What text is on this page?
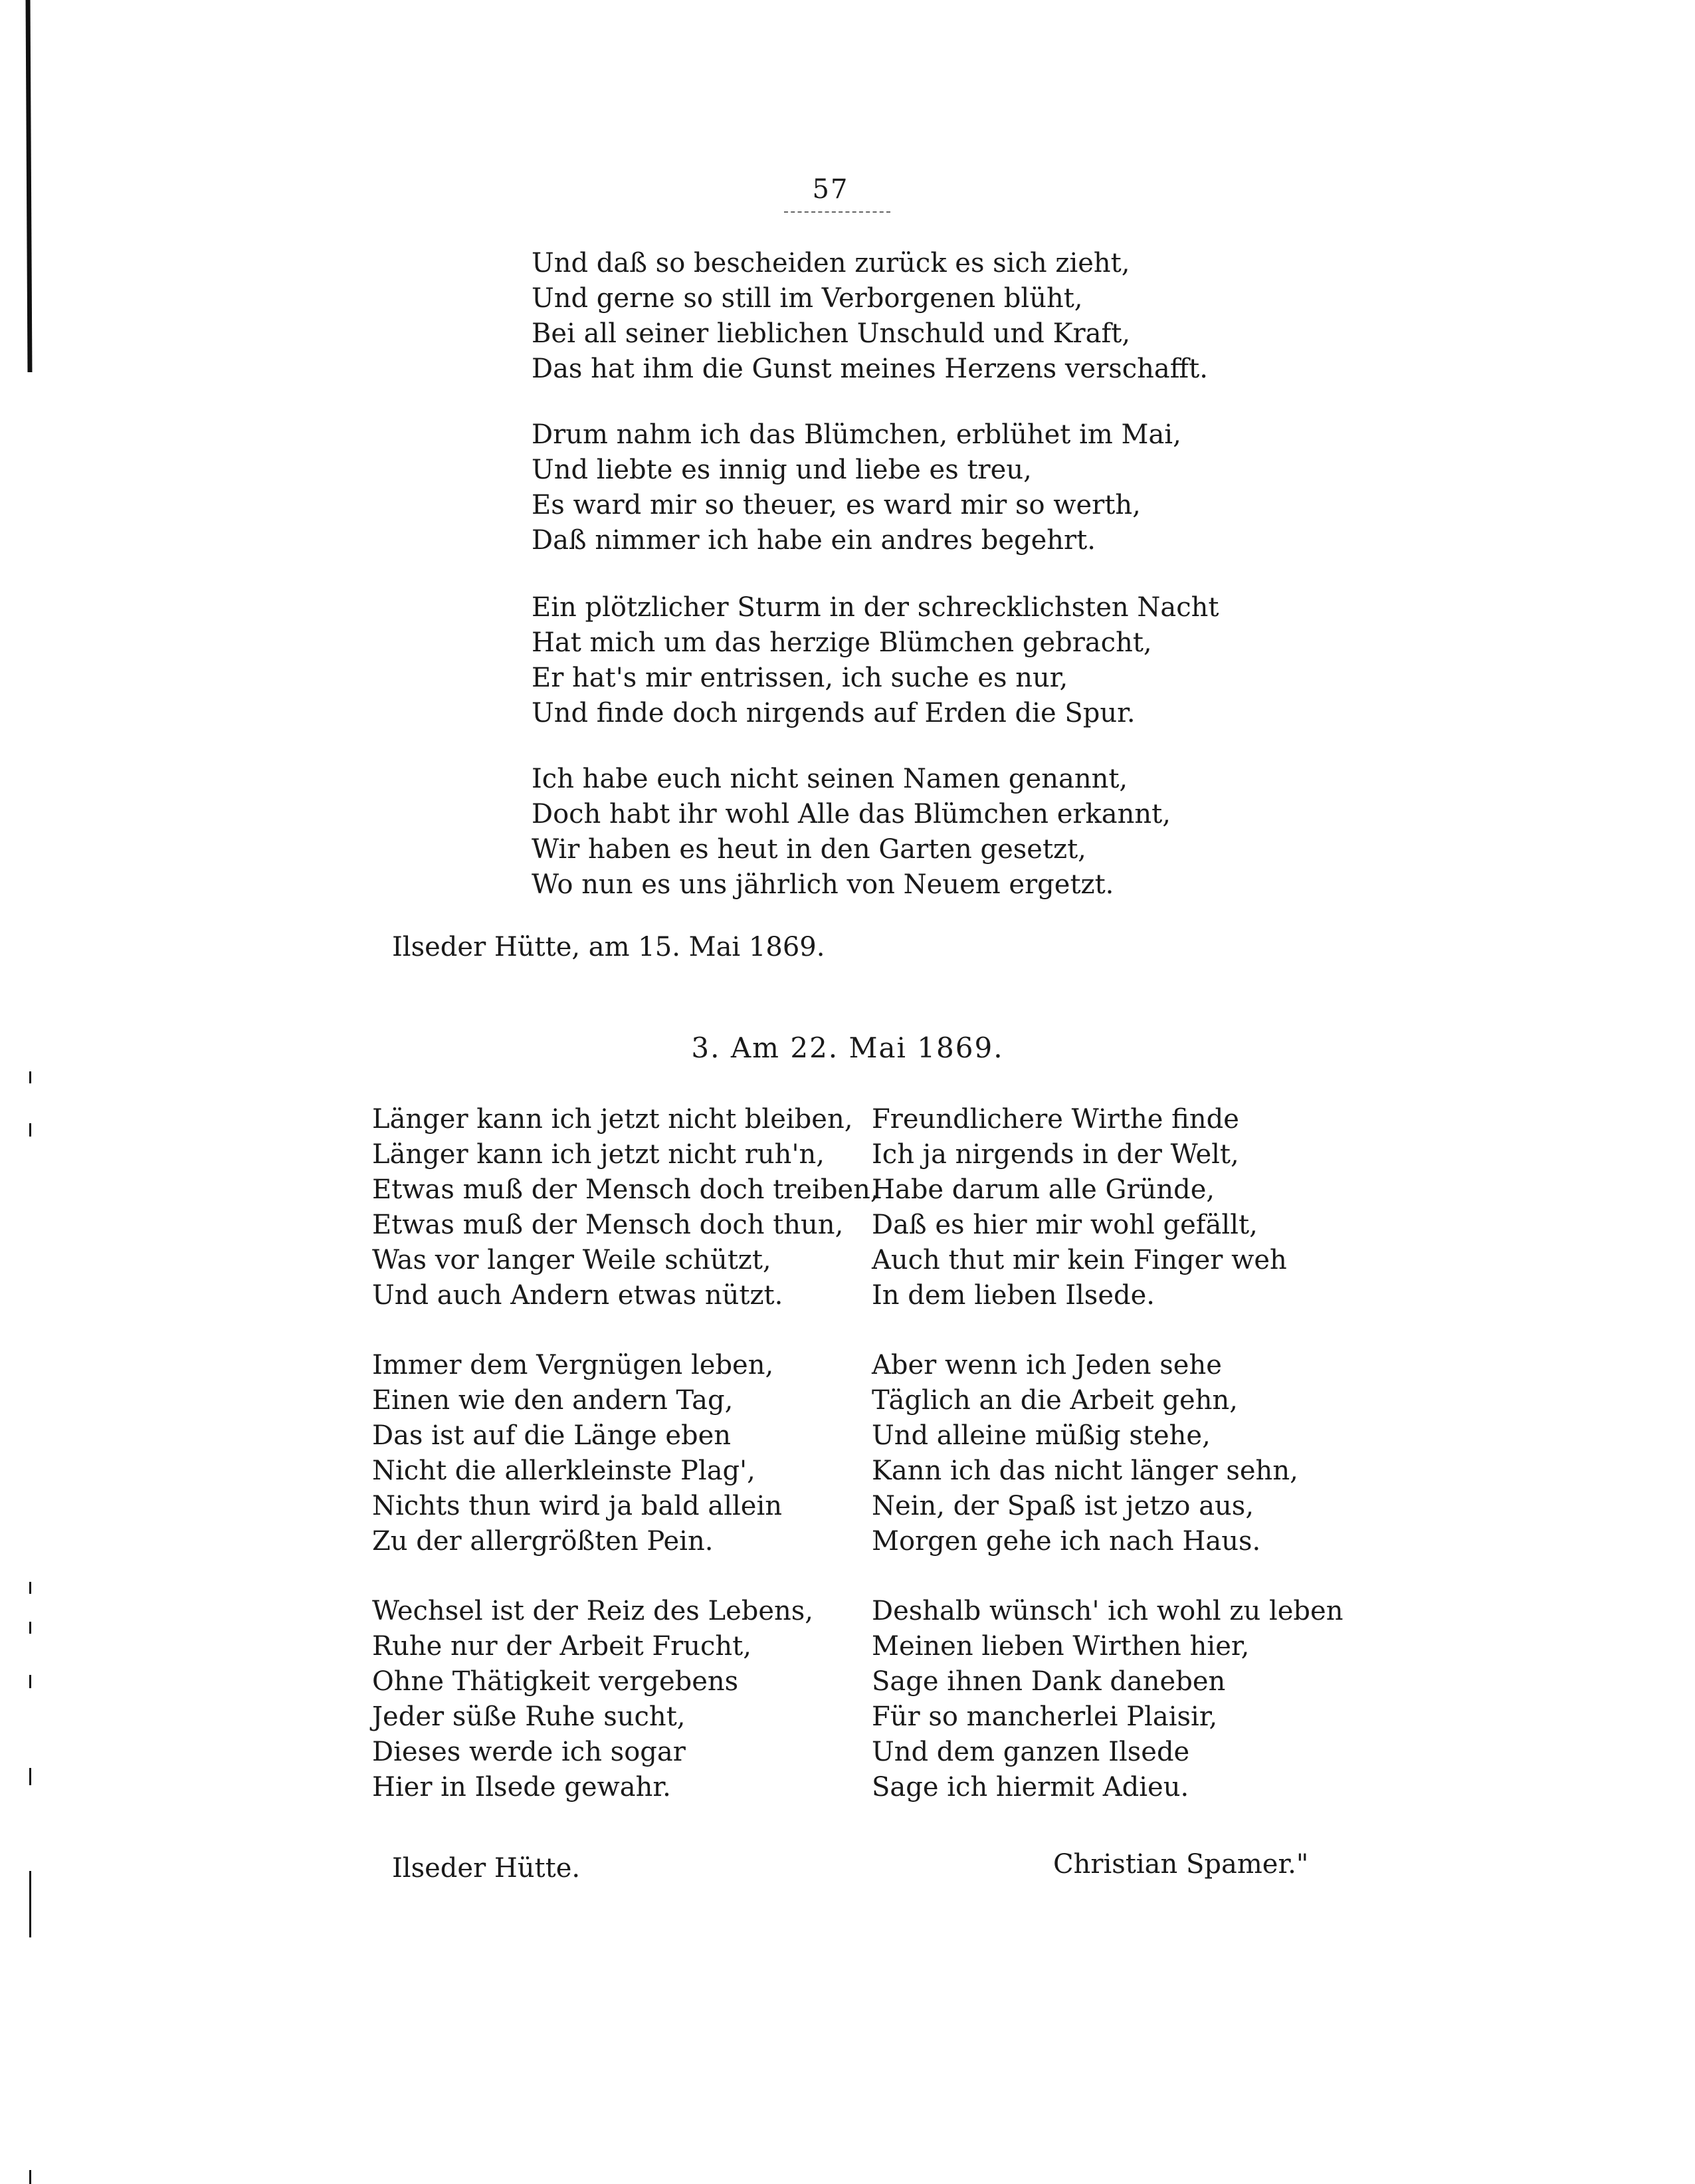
57
Und daß so bescheiden zurück es sich zieht,
Und gerne so still im Verborgenen blüht,
Bei all seiner lieblichen Unschuld und Kraft,
Das hat ihm die Gunst meines Herzens verschafft.
Drum nahm ich das Blümchen, erblühet im Mai,
Und liebte es innig und liebe es treu,
Es ward mir so theuer, es ward mir so werth,
Daß nimmer ich habe ein andres begehrt.
Ein plötzlicher Sturm in der schrecklichsten Nacht
Hat mich um das herzige Blümchen gebracht,
Er hat's mir entrissen, ich suche es nur,
Und finde doch nirgends auf Erden die Spur.
Ich habe euch nicht seinen Namen genannt,
Doch habt ihr wohl Alle das Blümchen erkannt,
Wir haben es heut in den Garten gesetzt,
Wo nun es uns jährlich von Neuem ergetzt.
Ilseder Hütte, am 15. Mai 1869.
3. Am 22. Mai 1869.
Länger kann ich jetzt nicht bleiben,
Länger kann ich jetzt nicht ruh'n,
Etwas muß der Mensch doch treiben,
Etwas muß der Mensch doch thun,
Was vor langer Weile schützt,
Und auch Andern etwas nützt.
Immer dem Vergnügen leben,
Einen wie den andern Tag,
Das ist auf die Länge eben
Nicht die allerkleinste Plag',
Nichts thun wird ja bald allein
Zu der allergrößten Pein.
Wechsel ist der Reiz des Lebens,
Ruhe nur der Arbeit Frucht,
Ohne Thätigkeit vergebens
Jeder süße Ruhe sucht,
Dieses werde ich sogar
Hier in Ilsede gewahr.
Freundlichere Wirthe finde
Ich ja nirgends in der Welt,
Habe darum alle Gründe,
Daß es hier mir wohl gefällt,
Auch thut mir kein Finger weh
In dem lieben Ilsede.
Aber wenn ich Jeden sehe
Täglich an die Arbeit gehn,
Und alleine müßig stehe,
Kann ich das nicht länger sehn,
Nein, der Spaß ist jetzo aus,
Morgen gehe ich nach Haus.
Deshalb wünsch' ich wohl zu leben
Meinen lieben Wirthen hier,
Sage ihnen Dank daneben
Für so mancherlei Plaisir,
Und dem ganzen Ilsede
Sage ich hiermit Adieu.
Ilseder Hütte.	Christian Spamer."
